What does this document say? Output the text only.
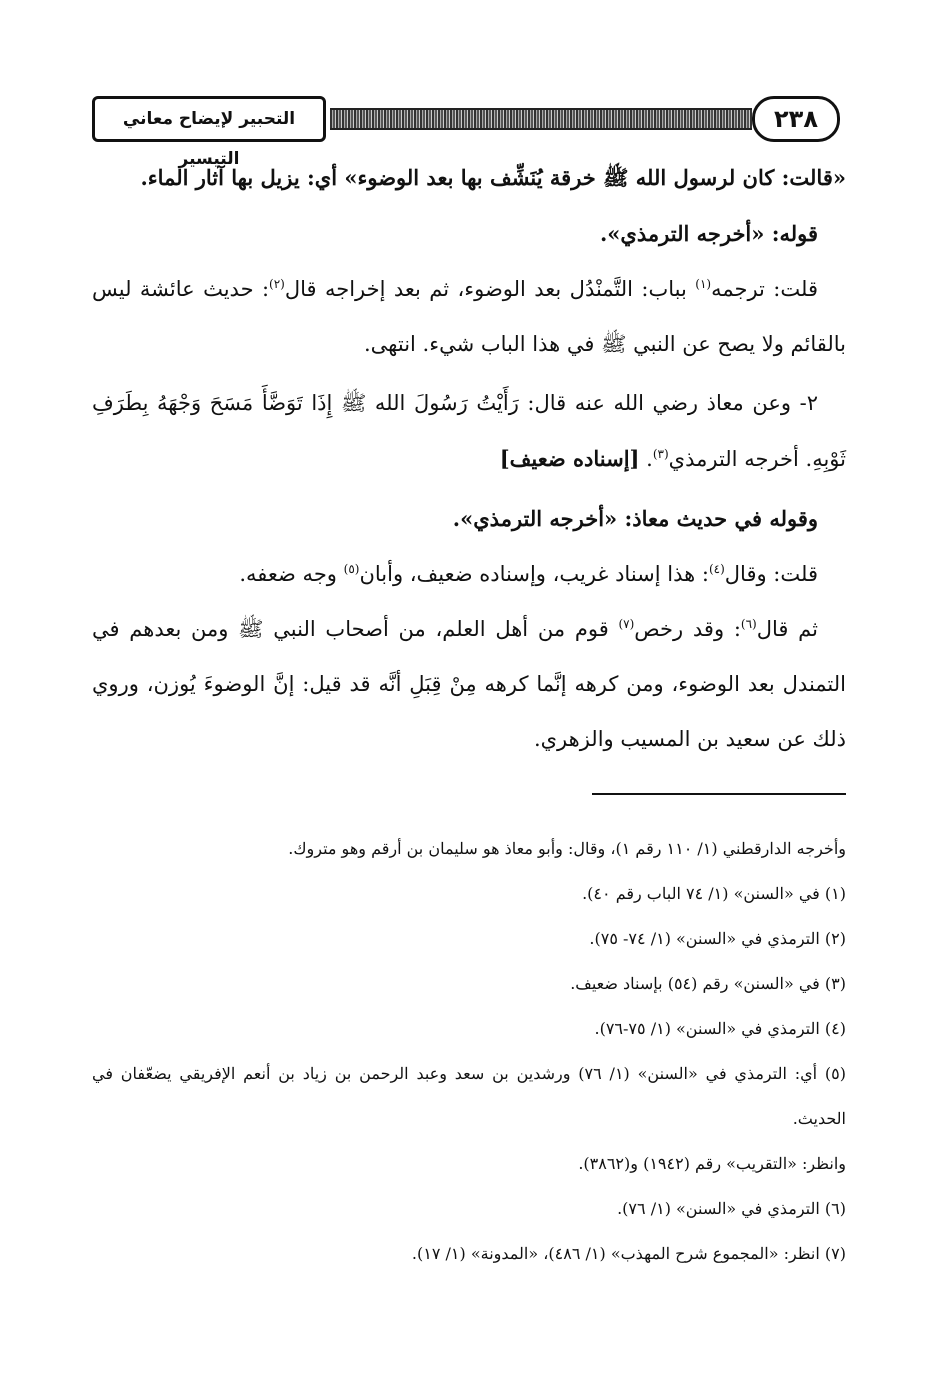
التحبير لإيضاح معاني التيسير
٢٣٨

«قالت: كان لرسول الله ﷺ خرقة يُنَشِّف بها بعد الوضوء» أي: يزيل بها آثار الماء.

قوله: «أخرجه الترمذي».

قلت: ترجمه$^{(١)}$ بباب: التَّمنْدُل بعد الوضوء، ثم بعد إخراجه قال$^{(٢)}$: حديث عائشة ليس بالقائم ولا يصح عن النبي ﷺ في هذا الباب شيء. انتهى.

٢- وعن معاذ رضي الله عنه قال: رَأَيْتُ رَسُولَ الله ﷺ إِذَا تَوَضَّأَ مَسَحَ وَجْهَهُ بِطَرَفِ ثَوْبِهِ. أخرجه الترمذي$^{(٣)}$. [إسناده ضعيف]

وقوله في حديث معاذ: «أخرجه الترمذي».

قلت: وقال$^{(٤)}$: هذا إسناد غريب، وإسناده ضعيف، وأبان$^{(٥)}$ وجه ضعفه.

ثم قال$^{(٦)}$: وقد رخص$^{(٧)}$ قوم من أهل العلم، من أصحاب النبي ﷺ ومن بعدهم في التمندل بعد الوضوء، ومن كرهه إنَّما كرهه مِنْ قِبَلِ أنَّه قد قيل: إنَّ الوضوءَ يُوزن، وروي ذلك عن سعيد بن المسيب والزهري.

وأخرجه الدارقطني (١/ ١١٠ رقم ١)، وقال: وأبو معاذ هو سليمان بن أرقم وهو متروك.

(١) في «السنن» (١/ ٧٤ الباب رقم ٤٠).

(٢) الترمذي في «السنن» (١/ ٧٤- ٧٥).

(٣) في «السنن» رقم (٥٤) بإسناد ضعيف.

(٤) الترمذي في «السنن» (١/ ٧٥-٧٦).

(٥) أي: الترمذي في «السنن» (١/ ٧٦) ورشدين بن سعد وعبد الرحمن بن زياد بن أنعم الإفريقي يضعّفان في الحديث.

وانظر: «التقريب» رقم (١٩٤٢) و(٣٨٦٢).

(٦) الترمذي في «السنن» (١/ ٧٦).

(٧) انظر: «المجموع شرح المهذب» (١/ ٤٨٦)، «المدونة» (١/ ١٧).
